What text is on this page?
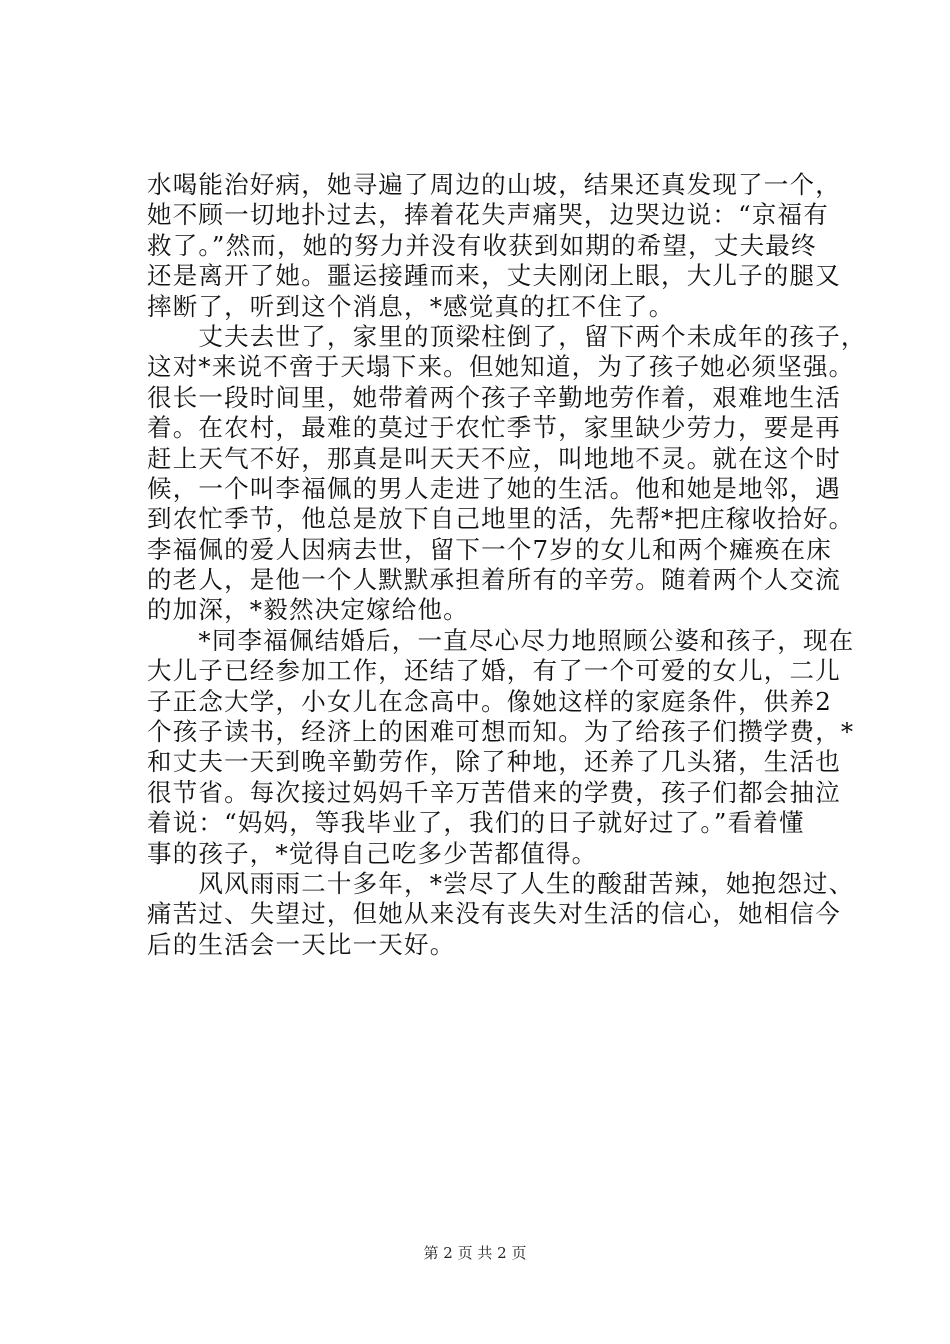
水喝能治好病，她寻遍了周边的山坡，结果还真发现了一个，
她不顾一切地扑过去，捧着花失声痛哭，边哭边说：“京福有
救了。”然而，她的努力并没有收获到如期的希望，丈夫最终
还是离开了她。噩运接踵而来，丈夫刚闭上眼，大儿子的腿又
摔断了，听到这个消息，*感觉真的扛不住了。
　　丈夫去世了，家里的顶梁柱倒了，留下两个未成年的孩子，
这对*来说不啻于天塌下来。但她知道，为了孩子她必须坚强。
很长一段时间里，她带着两个孩子辛勤地劳作着，艰难地生活
着。在农村，最难的莫过于农忙季节，家里缺少劳力，要是再
赶上天气不好，那真是叫天天不应，叫地地不灵。就在这个时
候，一个叫李福佩的男人走进了她的生活。他和她是地邻，遇
到农忙季节，他总是放下自己地里的活，先帮*把庄稼收拾好。
李福佩的爱人因病去世，留下一个7岁的女儿和两个瘫痪在床
的老人，是他一个人默默承担着所有的辛劳。随着两个人交流
的加深，*毅然决定嫁给他。
　　*同李福佩结婚后，一直尽心尽力地照顾公婆和孩子，现在
大儿子已经参加工作，还结了婚，有了一个可爱的女儿，二儿
子正念大学，小女儿在念高中。像她这样的家庭条件，供养2
个孩子读书，经济上的困难可想而知。为了给孩子们攒学费，*
和丈夫一天到晚辛勤劳作，除了种地，还养了几头猪，生活也
很节省。每次接过妈妈千辛万苦借来的学费，孩子们都会抽泣
着说：“妈妈，等我毕业了，我们的日子就好过了。”看着懂
事的孩子，*觉得自己吃多少苦都值得。
　　风风雨雨二十多年，*尝尽了人生的酸甜苦辣，她抱怨过、
痛苦过、失望过，但她从来没有丧失对生活的信心，她相信今
后的生活会一天比一天好。
第 2 页 共 2 页
